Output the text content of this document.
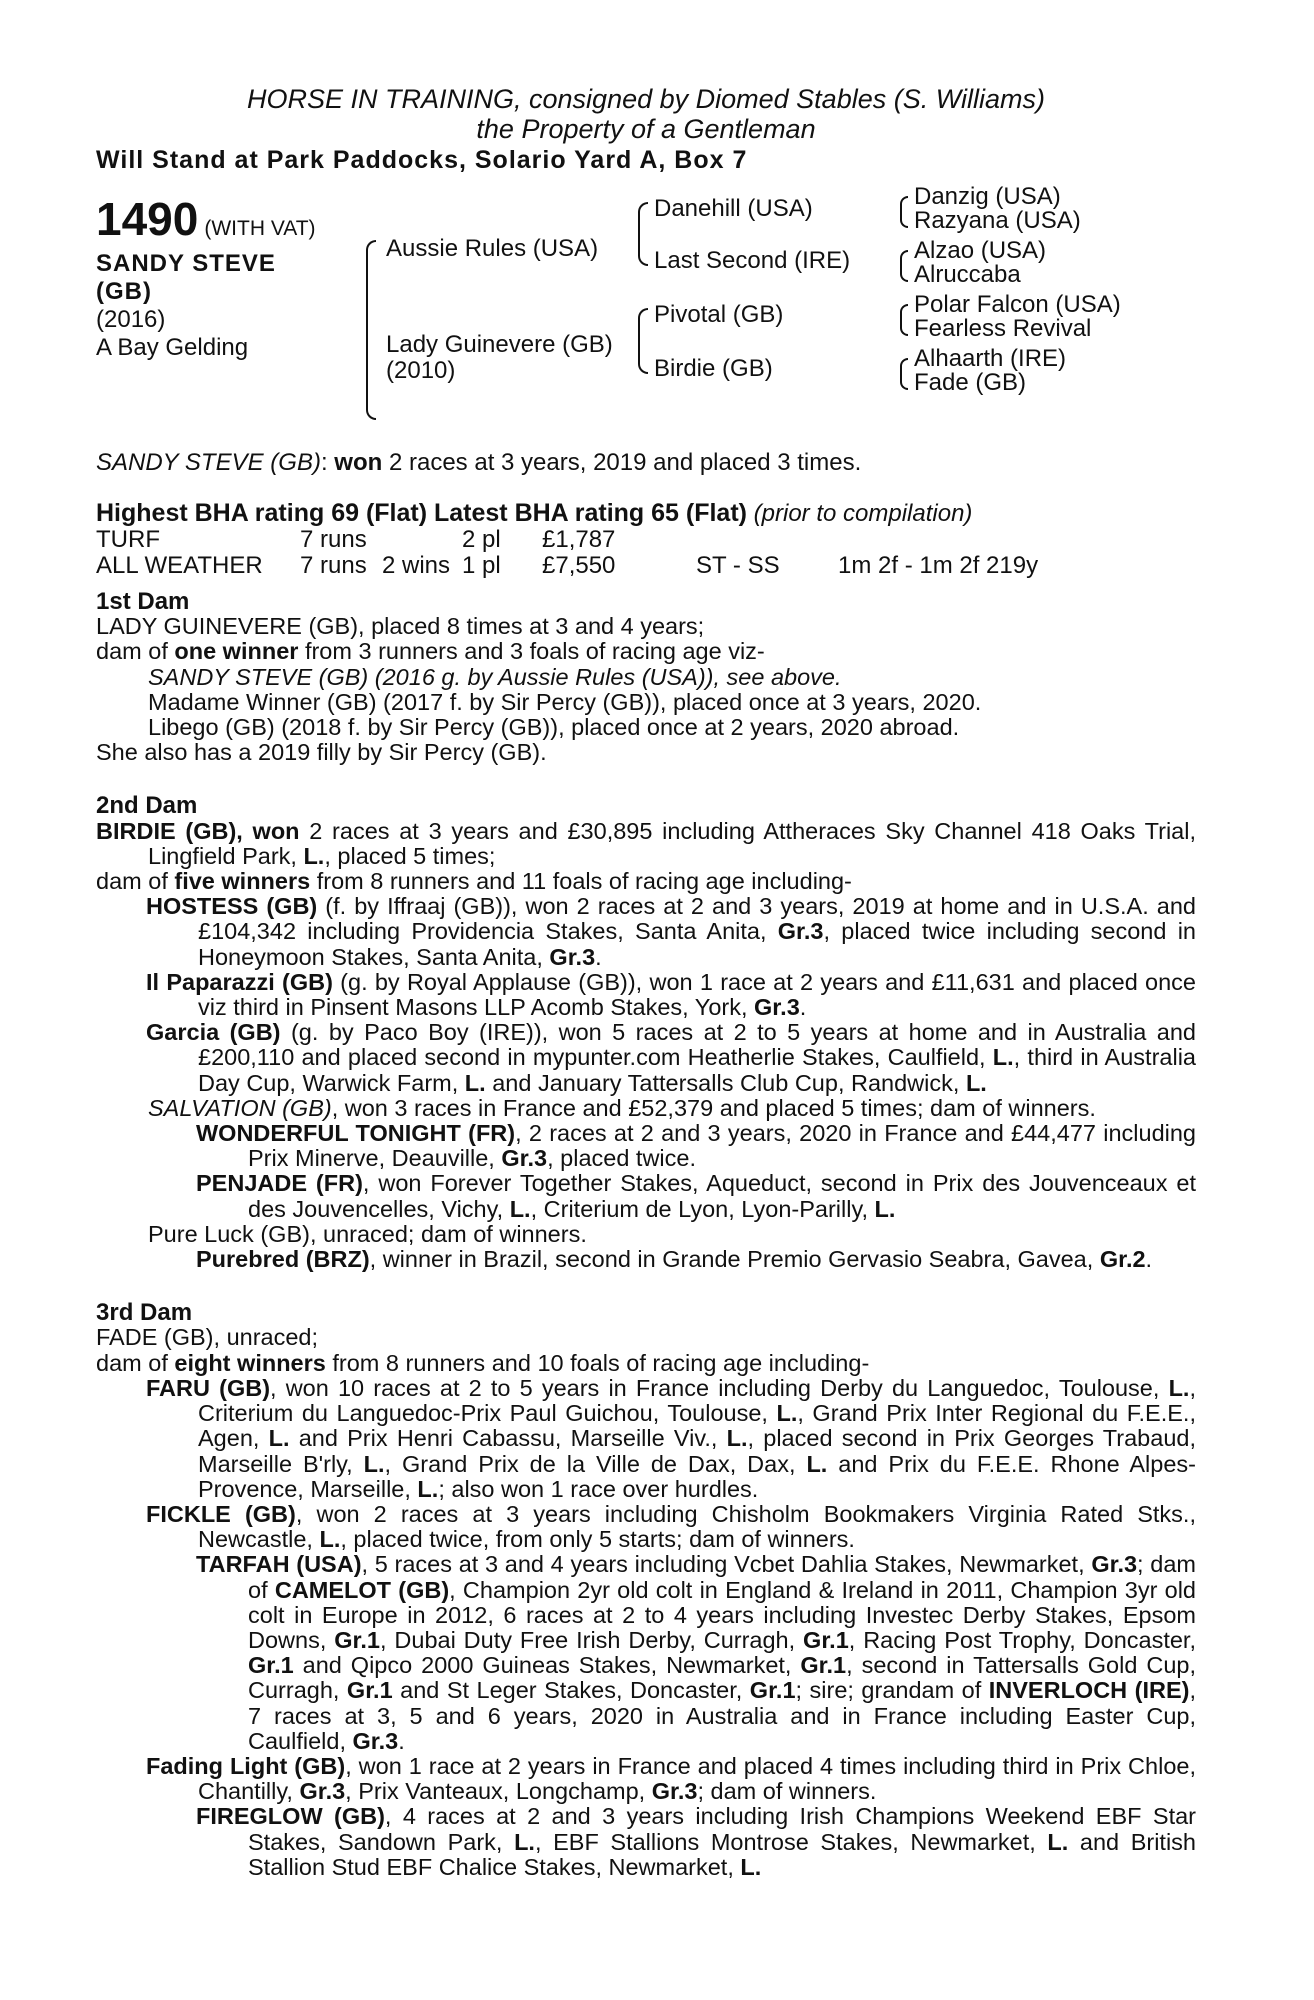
HORSE IN TRAINING, consigned by Diomed Stables (S. Williams)
the Property of a Gentleman
Will Stand at Park Paddocks, Solario Yard A, Box 7
1490 (WITH VAT)
SANDY STEVE (GB)
(2016)
A Bay Gelding
Aussie Rules (USA)
Lady Guinevere (GB)
(2010)
Danehill (USA)
Last Second (IRE)
Pivotal (GB)
Birdie (GB)
Danzig (USA)
Razyana (USA)
Alzao (USA)
Alruccaba
Polar Falcon (USA)
Fearless Revival
Alhaarth (IRE)
Fade (GB)
SANDY STEVE (GB): won 2 races at 3 years, 2019 and placed 3 times.
Highest BHA rating 69 (Flat) Latest BHA rating 65 (Flat) (prior to compilation)
TURF	7 runs	2 pl £1,787
ALL WEATHER 7 runs 2 wins 1 pl £7,550	ST - SS 1m 2f - 1m 2f 219y
1st Dam
LADY GUINEVERE (GB), placed 8 times at 3 and 4 years;
dam of one winner from 3 runners and 3 foals of racing age viz-
SANDY STEVE (GB) (2016 g. by Aussie Rules (USA)), see above.
Madame Winner (GB) (2017 f. by Sir Percy (GB)), placed once at 3 years, 2020.
Libego (GB) (2018 f. by Sir Percy (GB)), placed once at 2 years, 2020 abroad.
She also has a 2019 filly by Sir Percy (GB).
2nd Dam
BIRDIE (GB), won 2 races at 3 years and £30,895 including Attheraces Sky Channel 418 Oaks Trial, Lingfield Park, L., placed 5 times;
dam of five winners from 8 runners and 11 foals of racing age including-
HOSTESS (GB) (f. by Iffraaj (GB)), won 2 races at 2 and 3 years, 2019 at home and in U.S.A. and £104,342 including Providencia Stakes, Santa Anita, Gr.3, placed twice including second in Honeymoon Stakes, Santa Anita, Gr.3.
Il Paparazzi (GB) (g. by Royal Applause (GB)), won 1 race at 2 years and £11,631 and placed once viz third in Pinsent Masons LLP Acomb Stakes, York, Gr.3.
Garcia (GB) (g. by Paco Boy (IRE)), won 5 races at 2 to 5 years at home and in Australia and £200,110 and placed second in mypunter.com Heatherlie Stakes, Caulfield, L., third in Australia Day Cup, Warwick Farm, L. and January Tattersalls Club Cup, Randwick, L.
SALVATION (GB), won 3 races in France and £52,379 and placed 5 times; dam of winners.
WONDERFUL TONIGHT (FR), 2 races at 2 and 3 years, 2020 in France and £44,477 including Prix Minerve, Deauville, Gr.3, placed twice.
PENJADE (FR), won Forever Together Stakes, Aqueduct, second in Prix des Jouvenceaux et des Jouvencelles, Vichy, L., Criterium de Lyon, Lyon-Parilly, L.
Pure Luck (GB), unraced; dam of winners.
Purebred (BRZ), winner in Brazil, second in Grande Premio Gervasio Seabra, Gavea, Gr.2.
3rd Dam
FADE (GB), unraced;
dam of eight winners from 8 runners and 10 foals of racing age including-
FARU (GB), won 10 races at 2 to 5 years in France including Derby du Languedoc, Toulouse, L., Criterium du Languedoc-Prix Paul Guichou, Toulouse, L., Grand Prix Inter Regional du F.E.E., Agen, L. and Prix Henri Cabassu, Marseille Viv., L., placed second in Prix Georges Trabaud, Marseille B'rly, L., Grand Prix de la Ville de Dax, Dax, L. and Prix du F.E.E. Rhone Alpes-Provence, Marseille, L.; also won 1 race over hurdles.
FICKLE (GB), won 2 races at 3 years including Chisholm Bookmakers Virginia Rated Stks., Newcastle, L., placed twice, from only 5 starts; dam of winners.
TARFAH (USA), 5 races at 3 and 4 years including Vcbet Dahlia Stakes, Newmarket, Gr.3; dam of CAMELOT (GB), Champion 2yr old colt in England & Ireland in 2011, Champion 3yr old colt in Europe in 2012, 6 races at 2 to 4 years including Investec Derby Stakes, Epsom Downs, Gr.1, Dubai Duty Free Irish Derby, Curragh, Gr.1, Racing Post Trophy, Doncaster, Gr.1 and Qipco 2000 Guineas Stakes, Newmarket, Gr.1, second in Tattersalls Gold Cup, Curragh, Gr.1 and St Leger Stakes, Doncaster, Gr.1; sire; grandam of INVERLOCH (IRE), 7 races at 3, 5 and 6 years, 2020 in Australia and in France including Easter Cup, Caulfield, Gr.3.
Fading Light (GB), won 1 race at 2 years in France and placed 4 times including third in Prix Chloe, Chantilly, Gr.3, Prix Vanteaux, Longchamp, Gr.3; dam of winners.
FIREGLOW (GB), 4 races at 2 and 3 years including Irish Champions Weekend EBF Star Stakes, Sandown Park, L., EBF Stallions Montrose Stakes, Newmarket, L. and British Stallion Stud EBF Chalice Stakes, Newmarket, L.
